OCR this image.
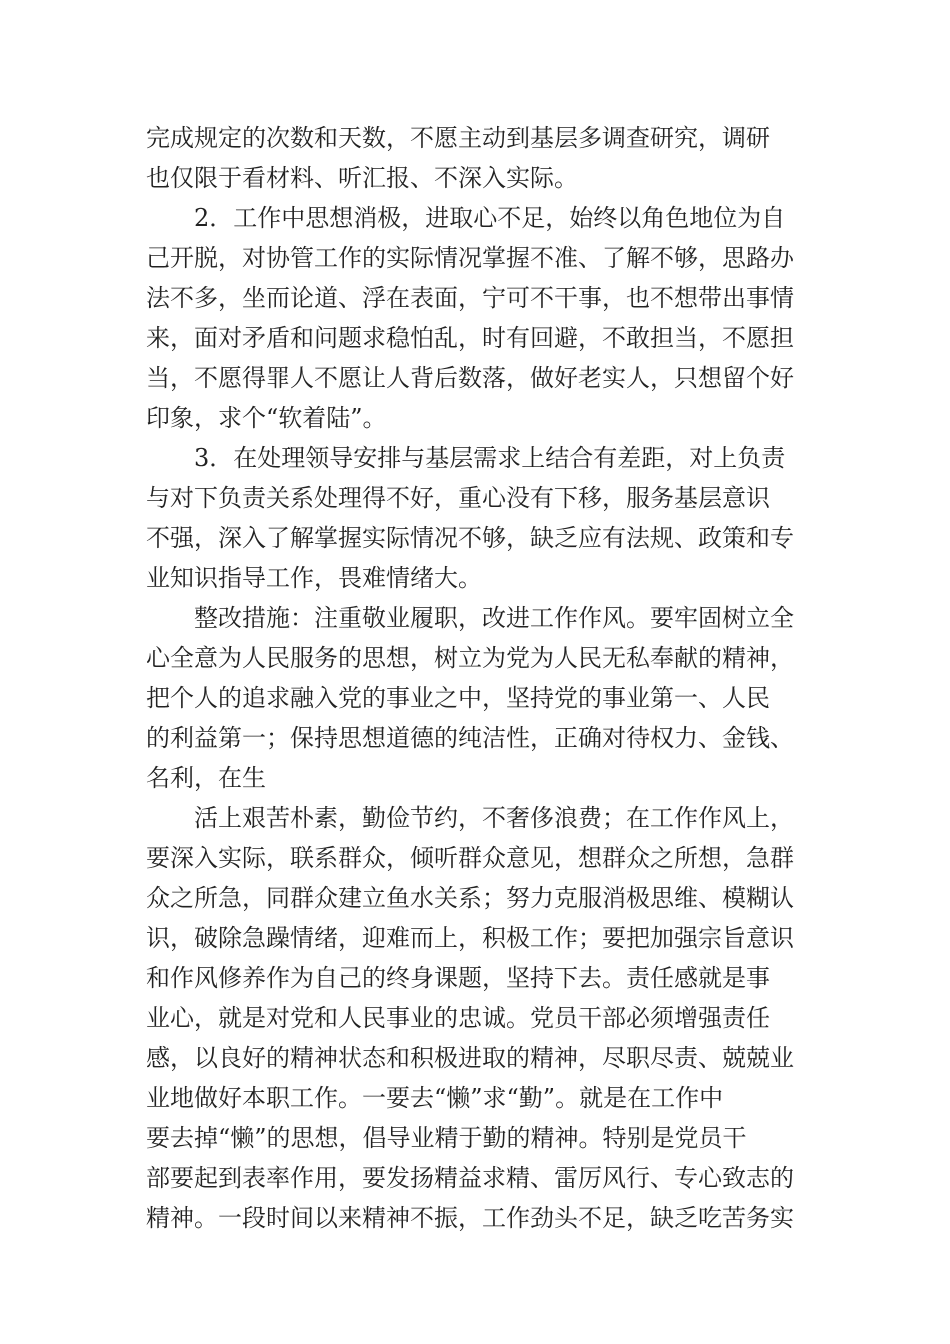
完成规定的次数和天数，不愿主动到基层多调查研究，调研
也仅限于看材料、听汇报、不深入实际。
2．工作中思想消极，进取心不足，始终以角色地位为自
己开脱，对协管工作的实际情况掌握不准、了解不够，思路办
法不多，坐而论道、浮在表面，宁可不干事，也不想带出事情
来，面对矛盾和问题求稳怕乱，时有回避，不敢担当，不愿担
当，不愿得罪人不愿让人背后数落，做好老实人，只想留个好
印象，求个“软着陆”。
3．在处理领导安排与基层需求上结合有差距，对上负责
与对下负责关系处理得不好，重心没有下移，服务基层意识
不强，深入了解掌握实际情况不够，缺乏应有法规、政策和专
业知识指导工作，畏难情绪大。
整改措施：注重敬业履职，改进工作作风。要牢固树立全
心全意为人民服务的思想，树立为党为人民无私奉献的精神，
把个人的追求融入党的事业之中，坚持党的事业第一、人民
的利益第一；保持思想道德的纯洁性，正确对待权力、金钱、
名利，在生
活上艰苦朴素，勤俭节约，不奢侈浪费；在工作作风上，
要深入实际，联系群众，倾听群众意见，想群众之所想，急群
众之所急，同群众建立鱼水关系；努力克服消极思维、模糊认
识，破除急躁情绪，迎难而上，积极工作；要把加强宗旨意识
和作风修养作为自己的终身课题，坚持下去。责任感就是事
业心，就是对党和人民事业的忠诚。党员干部必须增强责任
感，以良好的精神状态和积极进取的精神，尽职尽责、兢兢业
业地做好本职工作。一要去“懒”求“勤”。就是在工作中
要去掉“懒”的思想，倡导业精于勤的精神。特别是党员干
部要起到表率作用，要发扬精益求精、雷厉风行、专心致志的
精神。一段时间以来精神不振，工作劲头不足，缺乏吃苦务实
